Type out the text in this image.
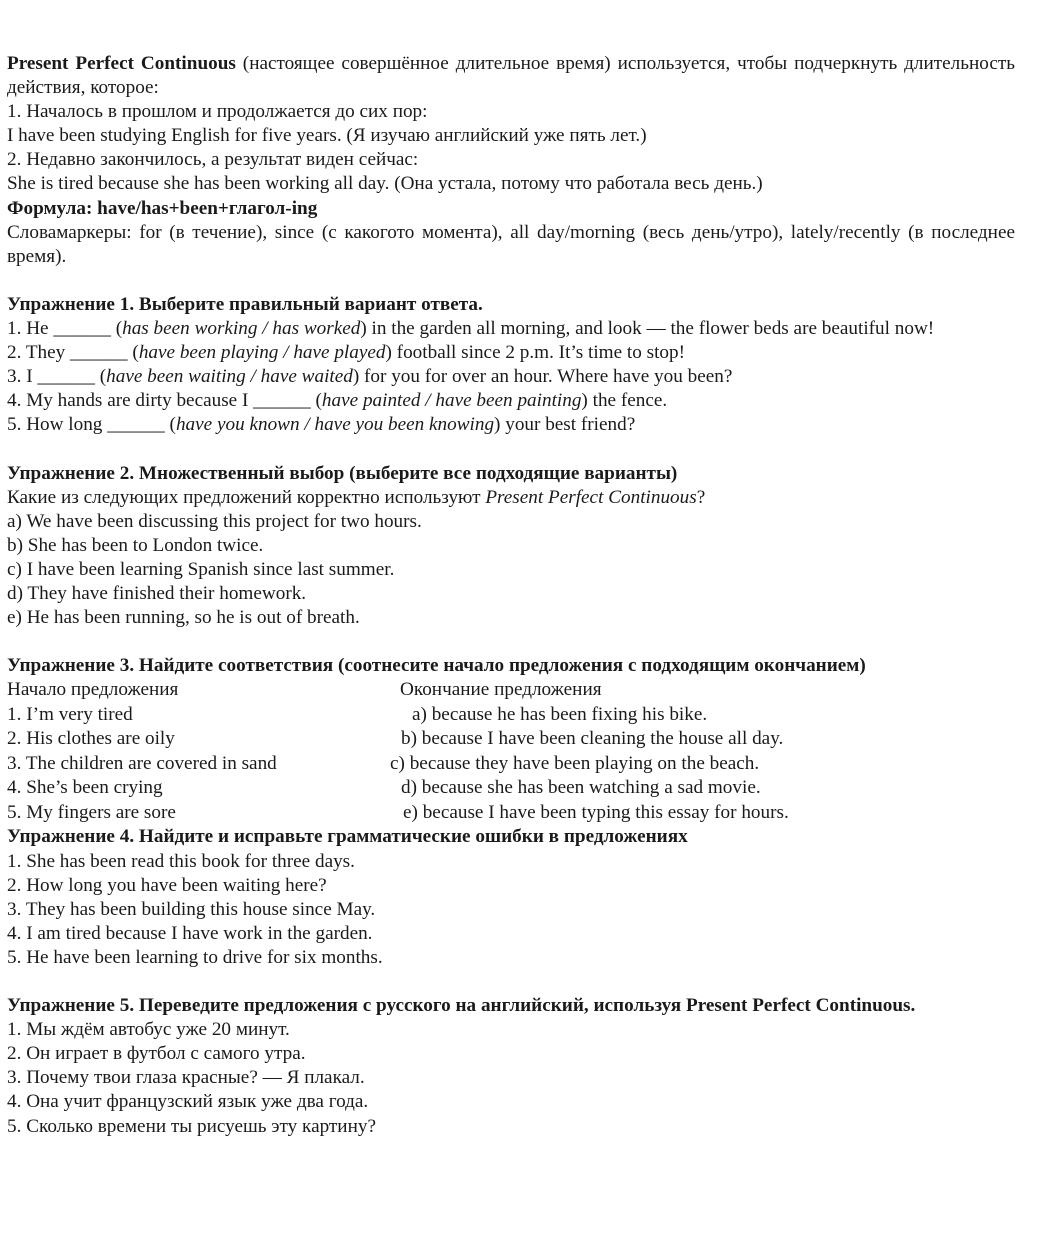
Present Perfect Continuous (настоящее совершённое длительное время) используется, чтобы подчеркнуть длительность действия, которое:
1. Началось в прошлом и продолжается до сих пор:
I have been studying English for five years. (Я изучаю английский уже пять лет.)
2. Недавно закончилось, а результат виден сейчас:
She is tired because she has been working all day. (Она устала, потому что работала весь день.)
Формула: have/has+been+глагол-ing
Словамаркеры: for (в течение), since (с какогото момента), all day/morning (весь день/утро), lately/recently (в последнее время).
Упражнение 1. Выберите правильный вариант ответа.
1. He ______ (has been working / has worked) in the garden all morning, and look — the flower beds are beautiful now!
2. They ______ (have been playing / have played) football since 2 p.m. It’s time to stop!
3. I ______ (have been waiting / have waited) for you for over an hour. Where have you been?
4. My hands are dirty because I ______ (have painted / have been painting) the fence.
5. How long ______ (have you known / have you been knowing) your best friend?
Упражнение 2. Множественный выбор (выберите все подходящие варианты)
Какие из следующих предложений корректно используют Present Perfect Continuous?
a) We have been discussing this project for two hours.
b) She has been to London twice.
c) I have been learning Spanish since last summer.
d) They have finished their homework.
e) He has been running, so he is out of breath.
Упражнение 3. Найдите соответствия (соотнесите начало предложения с подходящим окончанием)
Начало предложения	Окончание предложения
1. I’m very tired	a) because he has been fixing his bike.
2. His clothes are oily	b) because I have been cleaning the house all day.
3. The children are covered in sand	c) because they have been playing on the beach.
4. She’s been crying	d) because she has been watching a sad movie.
5. My fingers are sore	e) because I have been typing this essay for hours.
Упражнение 4. Найдите и исправьте грамматические ошибки в предложениях
1. She has been read this book for three days.
2. How long you have been waiting here?
3. They has been building this house since May.
4. I am tired because I have work in the garden.
5. He have been learning to drive for six months.
Упражнение 5. Переведите предложения с русского на английский, используя Present Perfect Continuous.
1. Мы ждём автобус уже 20 минут.
2. Он играет в футбол с самого утра.
3. Почему твои глаза красные? — Я плакал.
4. Она учит французский язык уже два года.
5. Сколько времени ты рисуешь эту картину?
